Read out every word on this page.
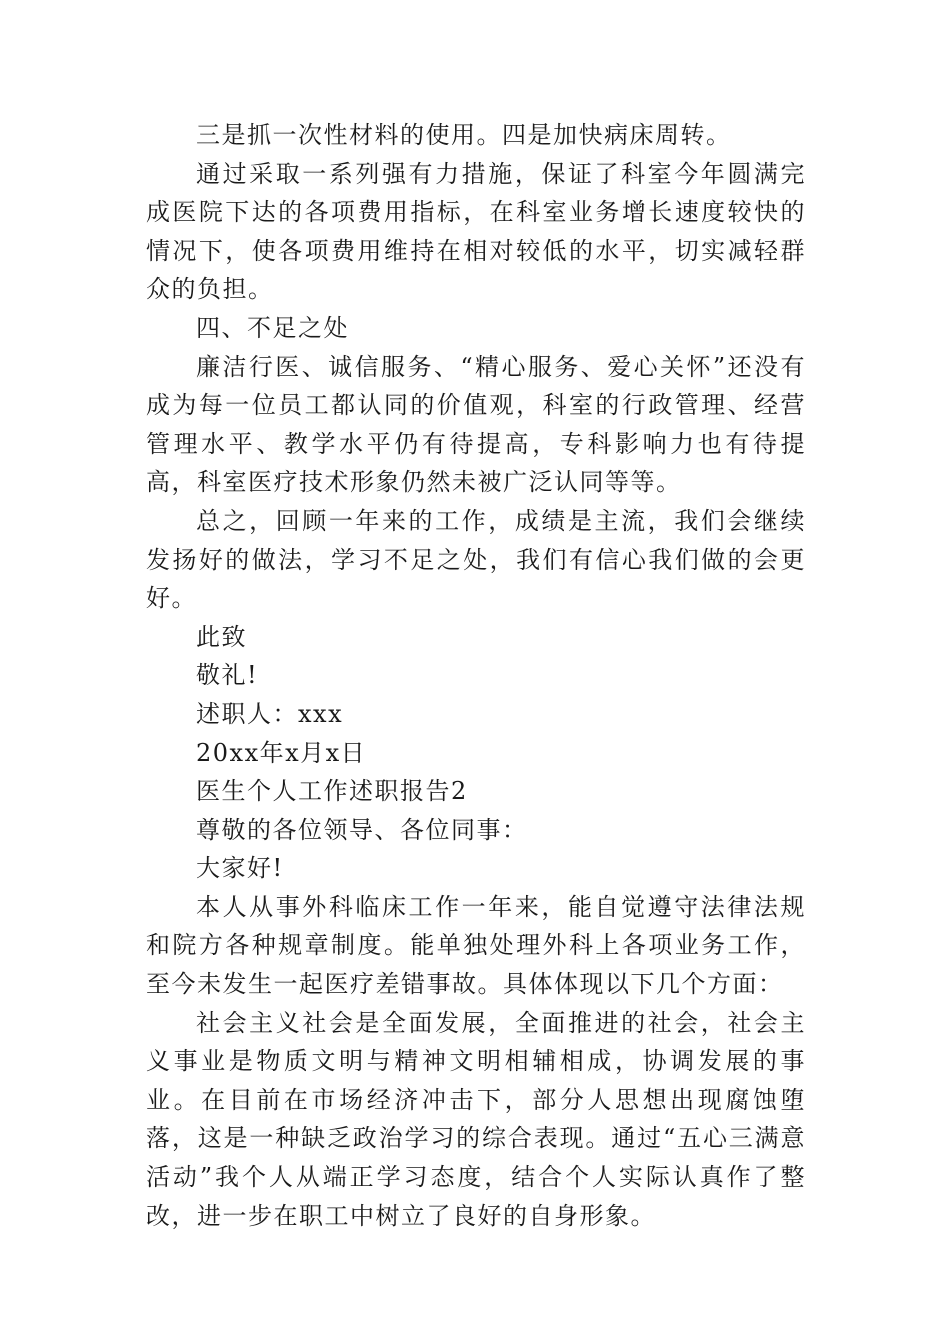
三是抓一次性材料的使用。四是加快病床周转。

通过采取一系列强有力措施，保证了科室今年圆满完成医院下达的各项费用指标，在科室业务增长速度较快的情况下，使各项费用维持在相对较低的水平，切实减轻群众的负担。

四、不足之处

廉洁行医、诚信服务、“精心服务、爱心关怀”还没有成为每一位员工都认同的价值观，科室的行政管理、经营管理水平、教学水平仍有待提高，专科影响力也有待提高，科室医疗技术形象仍然未被广泛认同等等。

总之，回顾一年来的工作，成绩是主流，我们会继续发扬好的做法，学习不足之处，我们有信心我们做的会更好。

此致

敬礼!

述职人：xxx

20xx年x月x日

医生个人工作述职报告2

尊敬的各位领导、各位同事：

大家好!

本人从事外科临床工作一年来，能自觉遵守法律法规和院方各种规章制度。能单独处理外科上各项业务工作，至今未发生一起医疗差错事故。具体体现以下几个方面：

社会主义社会是全面发展，全面推进的社会，社会主义事业是物质文明与精神文明相辅相成，协调发展的事业。在目前在市场经济冲击下，部分人思想出现腐蚀堕落，这是一种缺乏政治学习的综合表现。通过“五心三满意活动”我个人从端正学习态度，结合个人实际认真作了整改，进一步在职工中树立了良好的自身形象。
